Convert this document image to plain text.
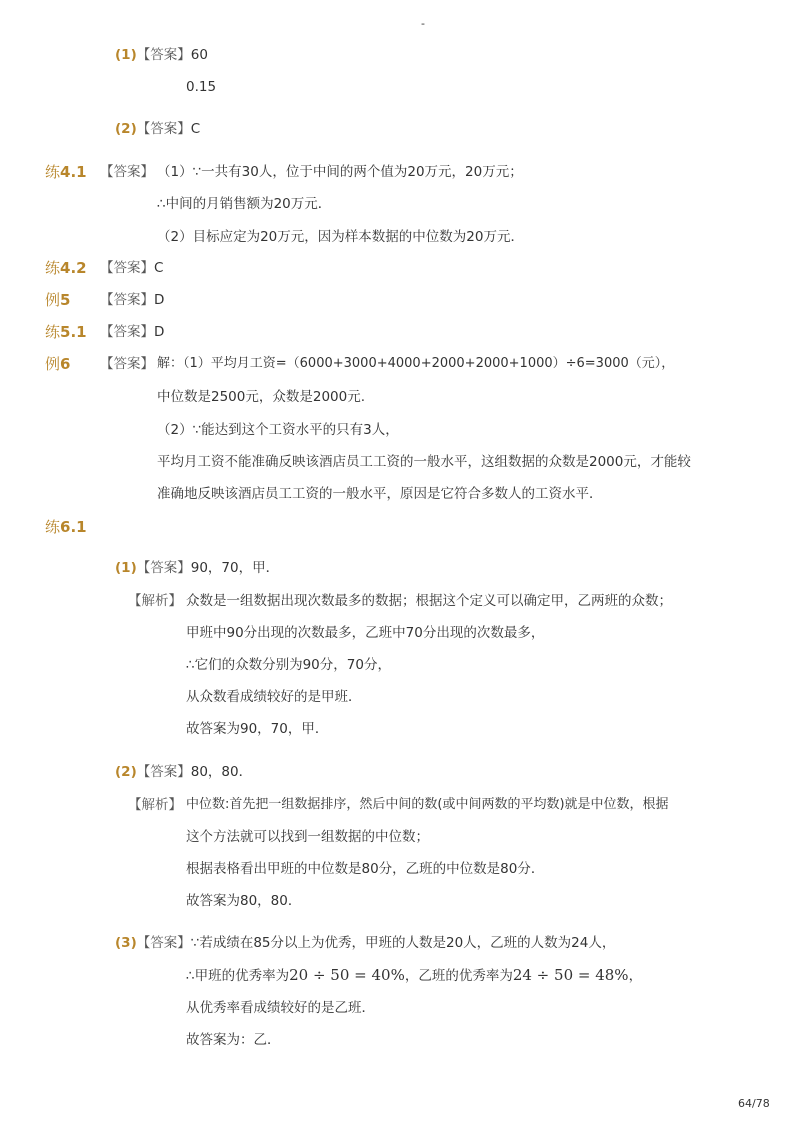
-
(1)【答案】60
0.15
(2)【答案】C
练4.1 【答案】 （1）∵一共有30人，位于中间的两个值为20万元，20万元；
∴中间的月销售额为20万元．
（2）目标应定为20万元，因为样本数据的中位数为20万元．
练4.2 【答案】C
例5 【答案】D
练5.1 【答案】D
例6 【答案】 解：（1）平均月工资=（6000+3000+4000+2000+2000+1000）÷6=3000（元），
中位数是2500元，众数是2000元.
（2）∵能达到这个工资水平的只有3人，
平均月工资不能准确反映该酒店员工工资的一般水平，这组数据的众数是2000元，才能较
准确地反映该酒店员工工资的一般水平，原因是它符合多数人的工资水平．
练6.1
(1)【答案】90，70，甲．
【解析】 众数是一组数据出现次数最多的数据；根据这个定义可以确定甲，乙两班的众数；
甲班中90分出现的次数最多，乙班中70分出现的次数最多，
∴它们的众数分别为90分，70分，
从众数看成绩较好的是甲班．
故答案为90，70，甲．
(2)【答案】80，80．
【解析】 中位数:首先把一组数据排序，然后中间的数(或中间两数的平均数)就是中位数，根据
这个方法就可以找到一组数据的中位数；
根据表格看出甲班的中位数是80分，乙班的中位数是80分．
故答案为80，80．
(3)【答案】∵若成绩在85分以上为优秀，甲班的人数是20人，乙班的人数为24人，
∴甲班的优秀率为20 ÷ 50 = 40%，乙班的优秀率为24 ÷ 50 = 48%，
从优秀率看成绩较好的是乙班．
故答案为：乙．
64/78
